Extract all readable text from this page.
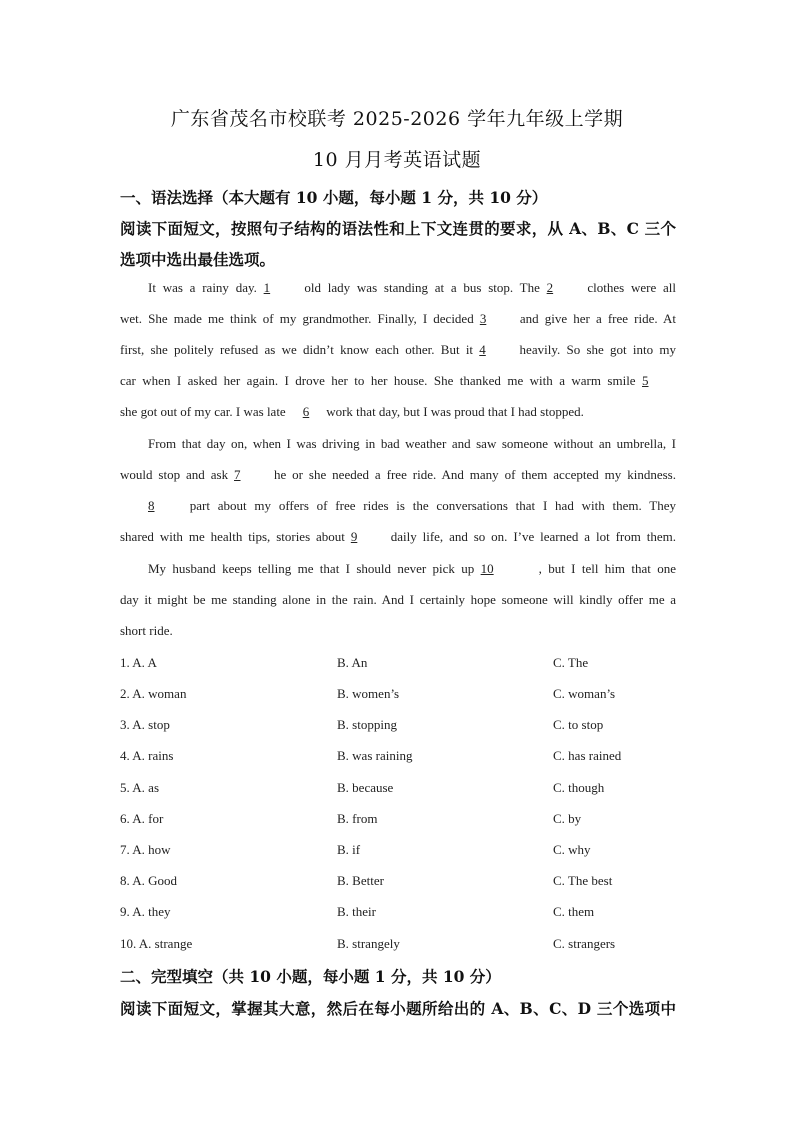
广东省茂名市校联考 2025-2026 学年九年级上学期
10 月月考英语试题
一、语法选择（本大题有 10 小题，每小题 1 分，共 10 分）
阅读下面短文，按照句子结构的语法性和上下文连贯的要求，从 A、B、C 三个
选项中选出最佳选项。
It was a rainy day. 1 old lady was standing at a bus stop. The 2 clothes were all
wet. She made me think of my grandmother. Finally, I decided 3 and give her a free ride. At
first, she politely refused as we didn’t know each other. But it 4 heavily. So she got into my
car when I asked her again. I drove her to her house. She thanked me with a warm smile 5
she got out of my car. I was late 6 work that day, but I was proud that I had stopped.
From that day on, when I was driving in bad weather and saw someone without an umbrella, I
would stop and ask 7 he or she needed a free ride. And many of them accepted my kindness.
8 part about my offers of free rides is the conversations that I had with them. They
shared with me health tips, stories about 9 daily life, and so on. I’ve learned a lot from them.
My husband keeps telling me that I should never pick up 10	, but I tell him that one
day it might be me standing alone in the rain. And I certainly hope someone will kindly offer me a
short ride.
1. A. A	B. An	C. The
2. A. woman	B. women’s	C. woman’s
3. A. stop	B. stopping	C. to stop
4. A. rains	B. was raining	C. has rained
5. A. as	B. because	C. though
6. A. for	B. from	C. by
7. A. how	B. if	C. why
8. A. Good	B. Better	C. The best
9. A. they	B. their	C. them
10. A. strange	B. strangely	C. strangers
二、完型填空（共 10 小题，每小题 1 分，共 10 分）
阅读下面短文，掌握其大意，然后在每小题所给出的 A、B、C、D 三个选项中
